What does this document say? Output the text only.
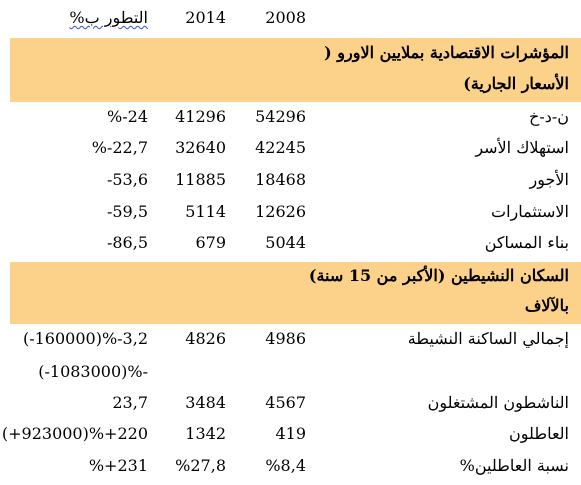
2008
2014
التطور ب%
المؤشرات الاقتصادية بملايين الاورو (
الأسعار الجارية)
ن-د-خ
54296
41296
%-24
استهلاك الأسر
42245
32640
%-22,7
الأجور
18468
11885
-53,6
الاستثمارات
12626
5114
-59,5
بناء المساكن
5044
679
-86,5
السكان النشيطين (الأكبر من 15 سنة)
بالآلاف
إجمالي الساكنة النشيطة
4986
4826
(-160000)%-3,2
(-1083000)%-
الناشطون المشتغلون
4567
3484
23,7
العاطلون
419
1342
(+923000)%+220
نسبة العاطلين%
%8,4
%27,8
%+231
